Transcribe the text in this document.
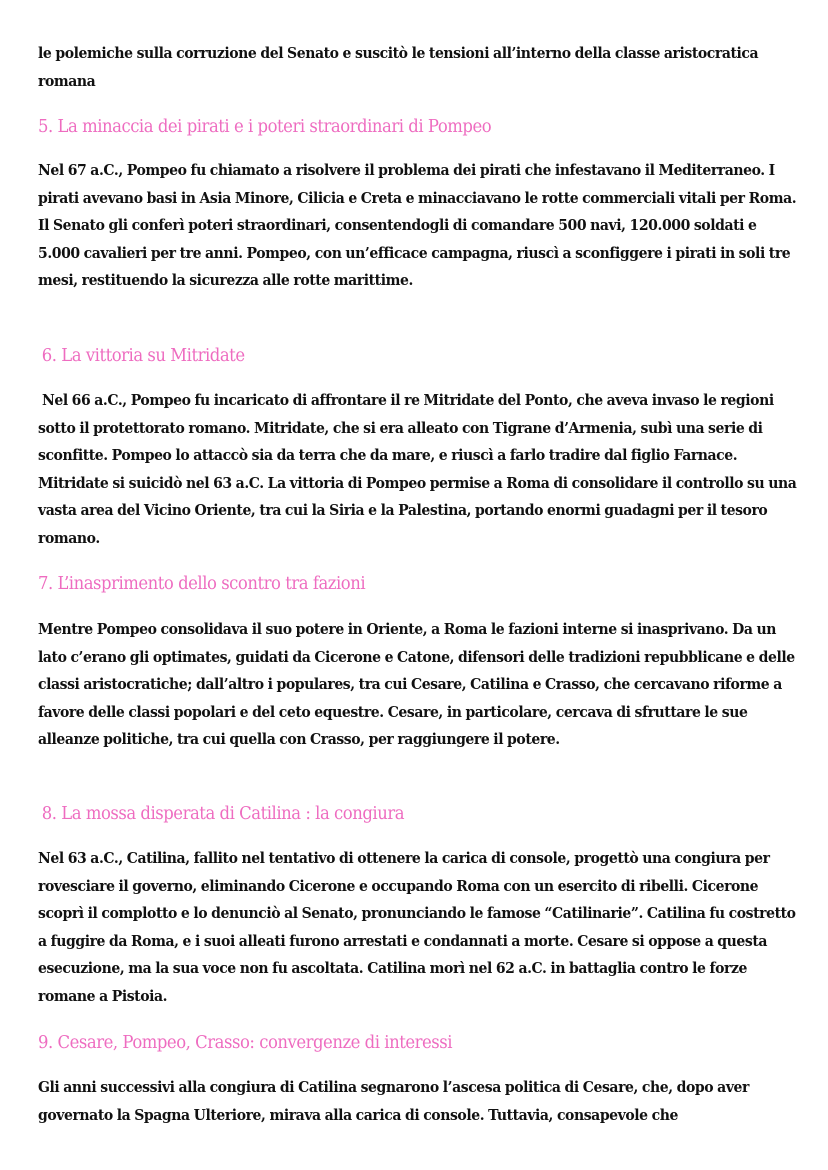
le polemiche sulla corruzione del Senato e suscitò le tensioni all’interno della classe aristocratica romana

5. La minaccia dei pirati e i poteri straordinari di Pompeo

Nel 67 a.C., Pompeo fu chiamato a risolvere il problema dei pirati che infestavano il Mediterraneo. I pirati avevano basi in Asia Minore, Cilicia e Creta e minacciavano le rotte commerciali vitali per Roma. Il Senato gli conferì poteri straordinari, consentendogli di comandare 500 navi, 120.000 soldati e 5.000 cavalieri per tre anni. Pompeo, con un’efficace campagna, riuscì a sconfiggere i pirati in soli tre mesi, restituendo la sicurezza alle rotte marittime.

6. La vittoria su Mitridate

Nel 66 a.C., Pompeo fu incaricato di affrontare il re Mitridate del Ponto, che aveva invaso le regioni sotto il protettorato romano. Mitridate, che si era alleato con Tigrane d’Armenia, subì una serie di sconfitte. Pompeo lo attaccò sia da terra che da mare, e riuscì a farlo tradire dal figlio Farnace. Mitridate si suicidò nel 63 a.C. La vittoria di Pompeo permise a Roma di consolidare il controllo su una vasta area del Vicino Oriente, tra cui la Siria e la Palestina, portando enormi guadagni per il tesoro romano.

7. L’inasprimento dello scontro tra fazioni

Mentre Pompeo consolidava il suo potere in Oriente, a Roma le fazioni interne si inasprivano. Da un lato c’erano gli optimates, guidati da Cicerone e Catone, difensori delle tradizioni repubblicane e delle classi aristocratiche; dall’altro i populares, tra cui Cesare, Catilina e Crasso, che cercavano riforme a favore delle classi popolari e del ceto equestre. Cesare, in particolare, cercava di sfruttare le sue alleanze politiche, tra cui quella con Crasso, per raggiungere il potere.

8. La mossa disperata di Catilina : la congiura

Nel 63 a.C., Catilina, fallito nel tentativo di ottenere la carica di console, progettò una congiura per rovesciare il governo, eliminando Cicerone e occupando Roma con un esercito di ribelli. Cicerone scoprì il complotto e lo denunciò al Senato, pronunciando le famose “Catilinarie”. Catilina fu costretto a fuggire da Roma, e i suoi alleati furono arrestati e condannati a morte. Cesare si oppose a questa esecuzione, ma la sua voce non fu ascoltata. Catilina morì nel 62 a.C. in battaglia contro le forze romane a Pistoia.

9. Cesare, Pompeo, Crasso: convergenze di interessi

Gli anni successivi alla congiura di Catilina segnarono l’ascesa politica di Cesare, che, dopo aver governato la Spagna Ulteriore, mirava alla carica di console. Tuttavia, consapevole che
